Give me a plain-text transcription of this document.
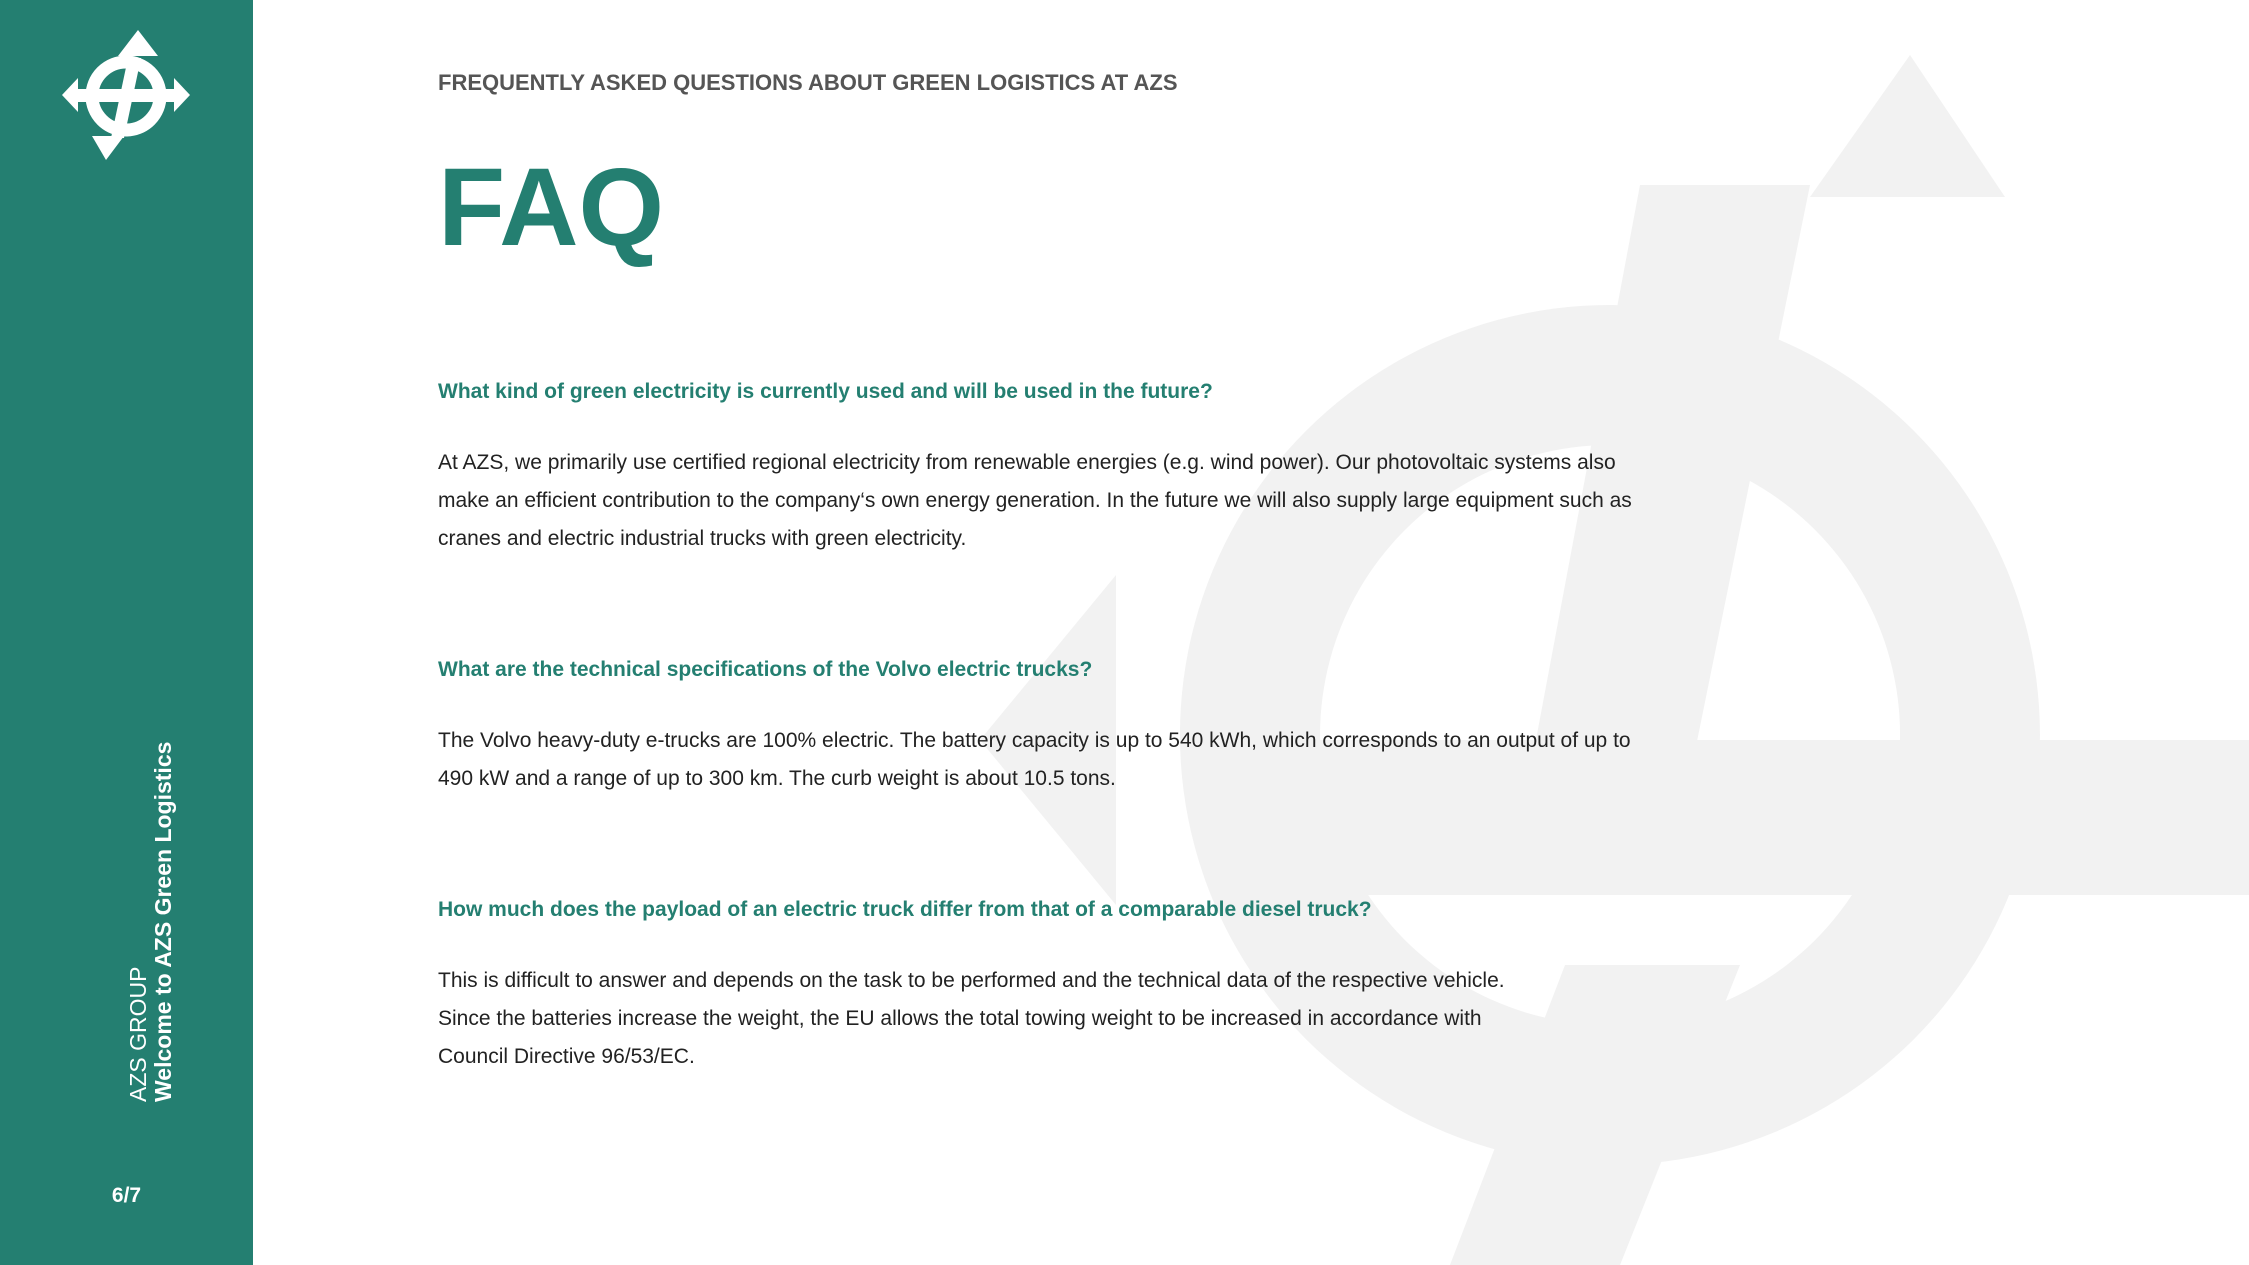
AZS GROUP Welcome to AZS Green Logistics
6/7
FREQUENTLY ASKED QUESTIONS ABOUT GREEN LOGISTICS AT AZS
FAQ
What kind of green electricity is currently used and will be used in the future?
At AZS, we primarily use certified regional electricity from renewable energies (e.g. wind power). Our photovoltaic systems also
make an efficient contribution to the company‘s own energy generation. In the future we will also supply large equipment such as
cranes and electric industrial trucks with green electricity.
What are the technical specifications of the Volvo electric trucks?
The Volvo heavy-duty e-trucks are 100% electric. The battery capacity is up to 540 kWh, which corresponds to an output of up to
490 kW and a range of up to 300 km. The curb weight is about 10.5 tons.
How much does the payload of an electric truck differ from that of a comparable diesel truck?
This is difficult to answer and depends on the task to be performed and the technical data of the respective vehicle.
Since the batteries increase the weight, the EU allows the total towing weight to be increased in accordance with
Council Directive 96/53/EC.
